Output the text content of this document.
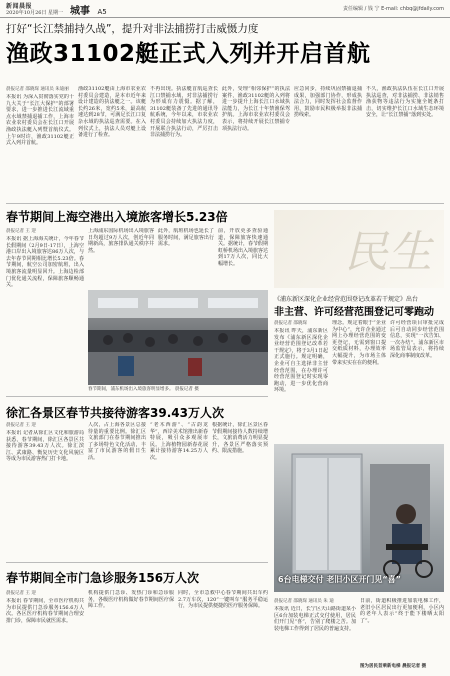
新闻晨报
2020年10月26日 星期一 城事 A5	责任编辑 / 钱 宁 E-mail: chbq@jfdaily.com
打好“长江禁捕持久战”，提升对非法捕捞打击威慑力度
渔政31102艇正式入列并开启首航
晨报记者 邵晓琛 通讯员 朱迪丽
本报讯 为深入贯彻落实党的十九大关于“长江大保护”的部署要求，进一步推进长江流域重点水域禁捕退捕工作，上海市农业农村委员会在长江口开展渔政执法艇入列暨首航仪式。上午9时许，渔政31102艇正式入列并首航。
渔政31102艇由上海市农业农村委员会建造，是本市近年来设计建造的执法艇之一。该艇长约26米，宽约5米，最高航速达到28节，可满足长江口复杂水域的执法巡查需要。在入列仪式上，执法人员对艇上设备进行了检查。
不再出现。执法艇首航巡查长江口禁捕水域，对非法捕捞行为形成有力震慑。据了解，31102艇装备了先进的通讯导航系统，今年以来，市农业农村委员会持续加大执法力度，开展联合执法行动，严厉打击非法捕捞行为。
此外，受理“相邻保护”的执法案件，渔政31102艇的入列将进一步提升上海长江口水域执法能力，为长江十年禁渔保驾护航。上海市农业农村委员会表示，将持续开展长江禁捕专项执法行动。
应急同步，持续巩固禁捕退捕成果，加强部门协作，形成执法合力，同时发挥社会监督作用，鼓励市民积极举报非法捕捞线索。
不久，渔政执法队伍在长江口开展执法巡查，对非法捕捞、非法销售渔获物等违法行为实施全链条打击，切实维护长江口水域生态环境安全，让“长江禁捕”落到实处。
春节期间上海空港出入境旅客增长5.23倍
晨报记者 王 迎
本报讯 据上海海关统计，今年春节长假期间（2月9日-17日），上海空港口岸出入境旅客达86万人次，与去年春节同期相比增长5.23倍。春节期间，航空公司加密航班，出入境旅客流量明显回升。上海边检部门优化通关流程，保障旅客顺畅通关。
上海浦东国际机场出入境旅客日均超过9万人次，创近年同期新高，旅客排队通关秩序井然。
春节期间，浦东机场出入境旅客明显增多。 晨报记者 摄
此外，航班机场也延长了服务时间，满足旅客出行需求。
前，开放更多查验通道，保障旅客快速通关。据统计，春节假期虹桥机场出入境旅客达到17万人次，同比大幅增长。
徐汇各景区春节共接待游客39.43万人次
晨报记者 王 迎
本报讯 记者从徐汇区文化和旅游局获悉，春节期间，徐汇区各景区共接待游客39.43万人次。徐汇滨江、武康路、衡复历史文化风貌区等成为市民游客热门打卡地。
人次，占上海各景区总接待量的重要比例。徐汇区文旅部门在春节期间推出了多场特色文化活动，丰富了市民游客的假日生活。
“老木西游”、“古韵龙华”，西岸美术馆推出新春特展，吸引众多观展市民。上海植物园新春花展累计接待游客14.25万人次。
根据统计，徐汇区景区春节假期间接待人数持续增长，文旅消费活力明显提升，各景区严格落实预约、限流措施。
春节期间全市门急诊服务156万人次
晨报记者 王 迎
本报讯 春节期间，全市医疗机构共为市民提供门急诊服务156.6万人次。各区医疗机构春节期间合理安排门诊，保障市民就医需求。
机构提供门急诊、发热门诊和急诊服务，各级医疗机构做好春节期间医疗保障工作。
同时，全市急救中心春节期间共出车约2.7万车次，120“一键叫车”服务平稳运行，为市民提供便捷的医疗服务保障。
民生
《浦东新区深化企业经营范围登记改革若干规定》出台
非主营、许可经营范围登记可零跑动
晨报记者 邵晓琛
本报讯 昨天，浦东新区发布《浦东新区深化企业经营范围登记改革若干规定》，将于3月1日起正式施行。规定明确，企业可自主选择非主营经营范围，在办理许可经营范围登记时实现零跑动，进一步优化营商环境。
理念。规定着眼于“企业为中心”，允许企业通过网上办理经营范围的变更登记，无需到窗口提交纸质材料，办理效率大幅提升，为市场主体带来实实在在的便利。
许可经营项目审批完成后可自动同步经营范围信息，实现“一次告知、一次办结”。浦东新区市场监管局表示，将持续深化商事制度改革。
6台电梯交付 老旧小区开门见“喜”
晨报记者 邵晓琛 通讯员 朱 迪
本报讯 近日，长宁区天山路街道某小区6台加装电梯正式交付使用，居民们开门见“喜”，告别了爬楼之苦。加装电梯工作得到了居民的普遍支持。
日前，街道积极推进加装电梯工作，老旧小区居民出行更加便利，小区内的老年人表示“终于能下楼晒太阳了”。
图为居民首乘新电梯 晨报记者 摄
